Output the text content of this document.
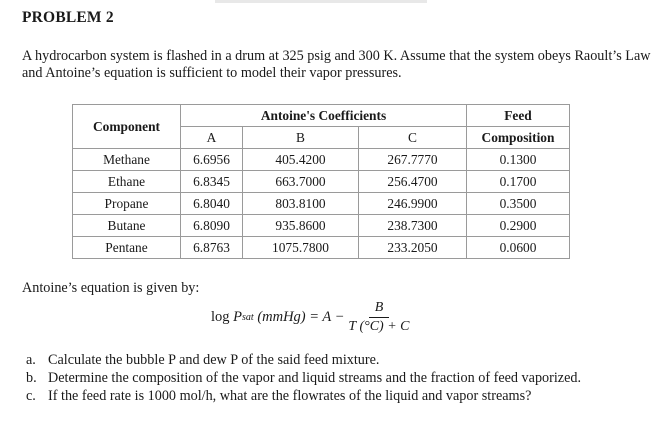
PROBLEM 2
A hydrocarbon system is flashed in a drum at 325 psig and 300 K. Assume that the system obeys Raoult’s Law and Antoine’s equation is sufficient to model their vapor pressures.
Component	Antoine's Coefficients			Feed
	A	B	C	Composition
Methane	6.6956	405.4200	267.7770	0.1300
Ethane	6.8345	663.7000	256.4700	0.1700
Propane	6.8040	803.8100	246.9900	0.3500
Butane	6.8090	935.8600	238.7300	0.2900
Pentane	6.8763	1075.7800	233.2050	0.0600
Antoine’s equation is given by:
log
P sat
(mmHg) = $A - \frac{B}{T (^\circ C) + C}$
a. Calculate the bubble P and dew P of the said feed mixture.
b. Determine the composition of the vapor and liquid streams and the fraction of feed vaporized.
c. If the feed rate is 1000 mol/h, what are the flowrates of the liquid and vapor streams?
